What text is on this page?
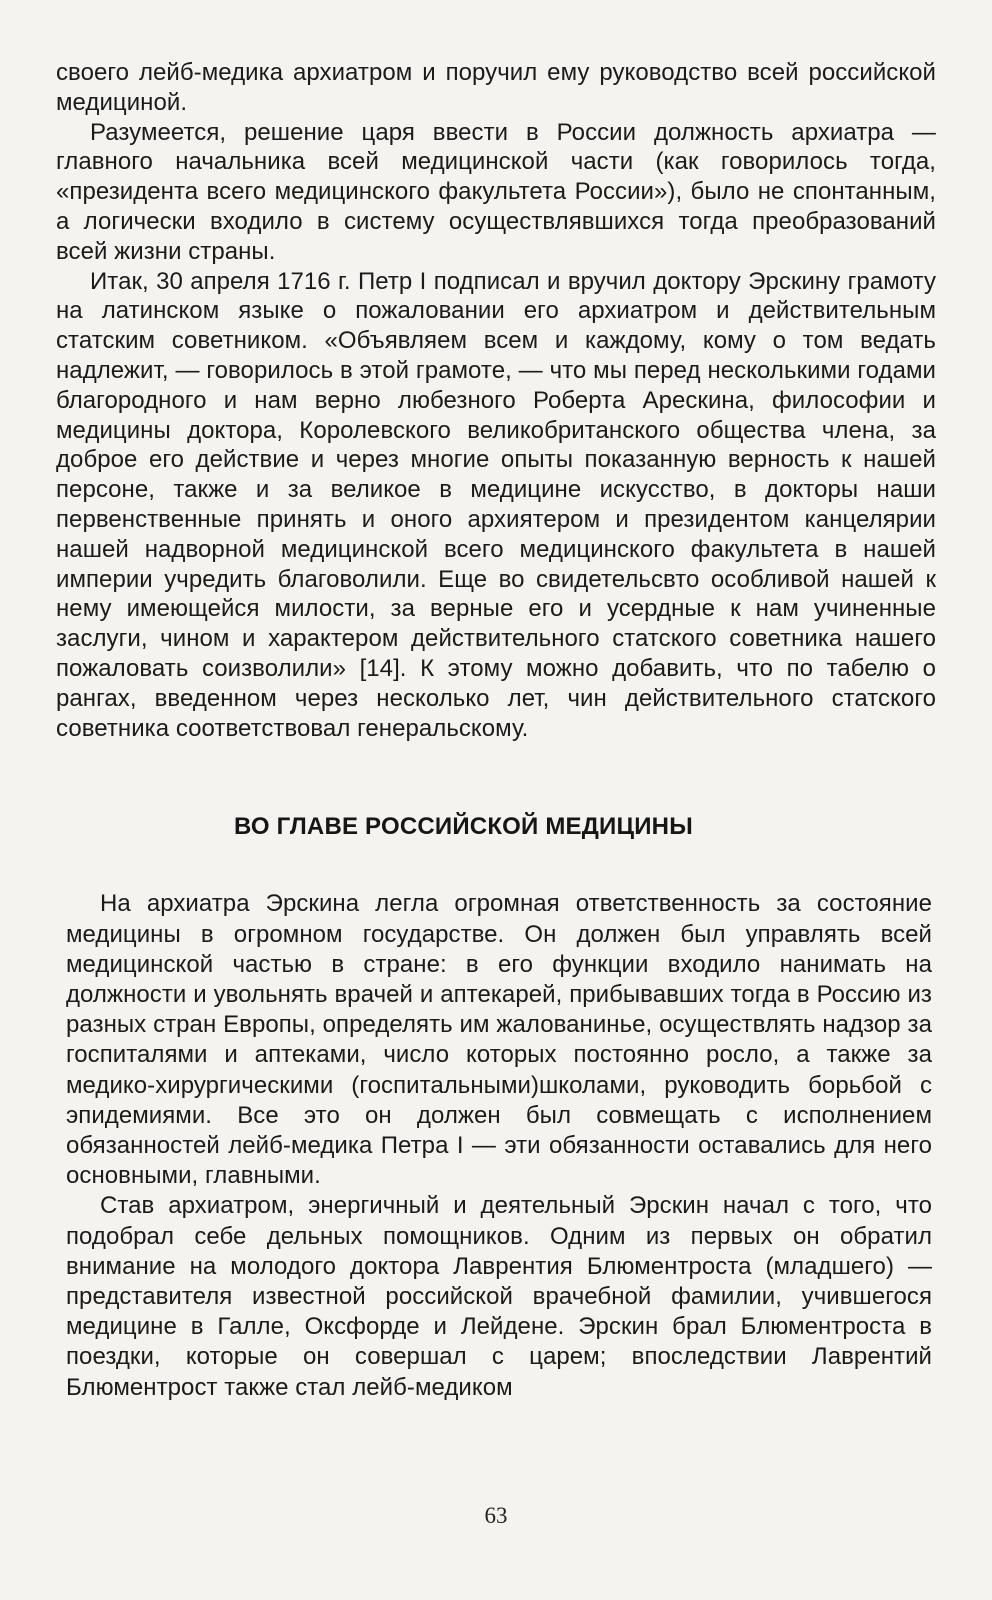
своего лейб-медика архиатром и поручил ему руководство всей российской медициной.

Разумеется, решение царя ввести в России должность архиатра — главного начальника всей медицинской части (как говорилось тогда, «президента всего медицинского факультета России»), было не спонтанным, а логически входило в систему осуществлявшихся тогда преобразований всей жизни страны.

Итак, 30 апреля 1716 г. Петр I подписал и вручил доктору Эрскину грамоту на латинском языке о пожаловании его архиатром и действительным статским советником. «Объявляем всем и каждому, кому о том ведать надлежит, — говорилось в этой грамоте, — что мы перед несколькими годами благородного и нам верно любезного Роберта Арескина, философии и медицины доктора, Королевского великобританского общества члена, за доброе его действие и через многие опыты показанную верность к нашей персоне, также и за великое в медицине искусство, в докторы наши первенственные принять и оного архиятером и президентом канцелярии нашей надворной медицинской всего медицинского факультета в нашей империи учредить благоволили. Еще во свидетельсвто особливой нашей к нему имеющейся милости, за верные его и усердные к нам учиненные заслуги, чином и характером действительного статского советника нашего пожаловать соизволили» [14]. К этому можно добавить, что по табелю о рангах, введенном через несколько лет, чин действительного статского советника соответствовал генеральскому.

ВО ГЛАВЕ РОССИЙСКОЙ МЕДИЦИНЫ

На архиатра Эрскина легла огромная ответственность за состояние медицины в огромном государстве. Он должен был управлять всей медицинской частью в стране: в его функции входило нанимать на должности и увольнять врачей и аптекарей, прибывавших тогда в Россию из разных стран Европы, определять им жалованиньe, осуществлять надзор за госпиталями и аптеками, число которых постоянно росло, а также за медико-хирургическими (госпитальными)школами, руководить борьбой с эпидемиями. Все это он должен был совмещать с исполнением обязанностей лейб-медика Петра I — эти обязанности оставались для него основными, главными.

Став архиатром, энергичный и деятельный Эрскин начал с того, что подобрал себе дельных помощников. Одним из первых он обратил внимание на молодого доктора Лаврентия Блюментроста (младшего) — представителя известной российской врачебной фамилии, учившегося медицине в Галле, Оксфорде и Лейдене. Эрскин брал Блюментроста в поездки, которые он совершал с царем; впоследствии Лаврентий Блюментрост также стал лейб-медиком

63
